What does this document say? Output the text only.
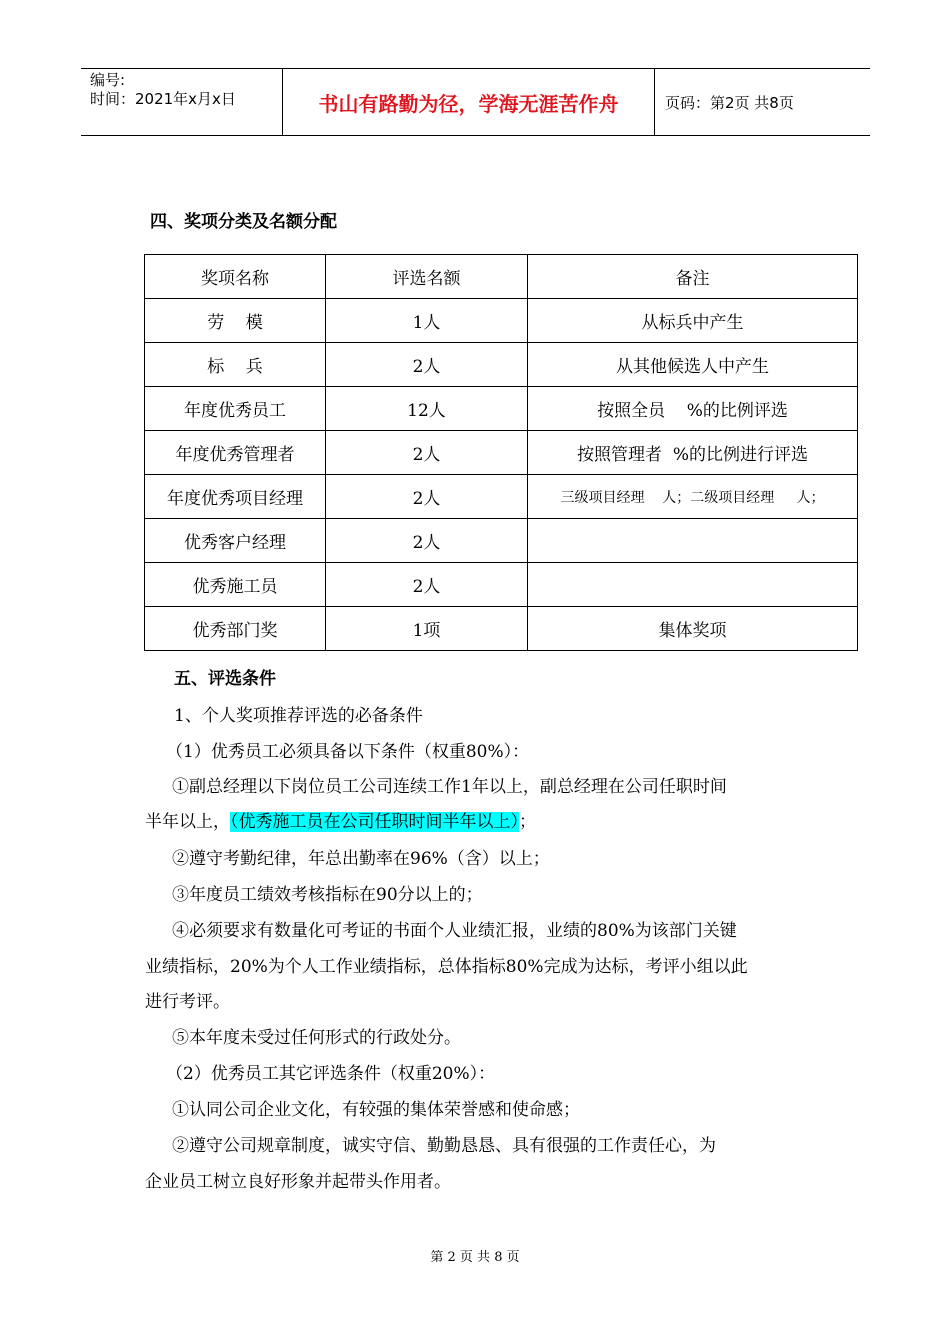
编号:
时间：2021年x月x日	书山有路勤为径，学海无涯苦作舟	页码：第2页 共8页
四、奖项分类及名额分配
奖项名称	评选名额	备注
劳    模	1人	从标兵中产生
标    兵	2人	从其他候选人中产生
年度优秀员工	12人	按照全员    %的比例评选
年度优秀管理者	2人	按照管理者  %的比例进行评选
年度优秀项目经理	2人	三级项目经理    人；二级项目经理     人；
优秀客户经理	2人	
优秀施工员	2人	
优秀部门奖	1项	集体奖项
五、评选条件
1、个人奖项推荐评选的必备条件
（1）优秀员工必须具备以下条件（权重80%）：
①副总经理以下岗位员工公司连续工作1年以上，副总经理在公司任职时间
半年以上，（优秀施工员在公司任职时间半年以上）；
②遵守考勤纪律，年总出勤率在96%（含）以上；
③年度员工绩效考核指标在90分以上的；
④必须要求有数量化可考证的书面个人业绩汇报，业绩的80%为该部门关键
业绩指标，20%为个人工作业绩指标，总体指标80%完成为达标，考评小组以此
进行考评。
⑤本年度未受过任何形式的行政处分。
（2）优秀员工其它评选条件（权重20%）：
①认同公司企业文化，有较强的集体荣誉感和使命感；
②遵守公司规章制度，诚实守信、勤勤恳恳、具有很强的工作责任心，为
企业员工树立良好形象并起带头作用者。
第 2 页 共 8 页
